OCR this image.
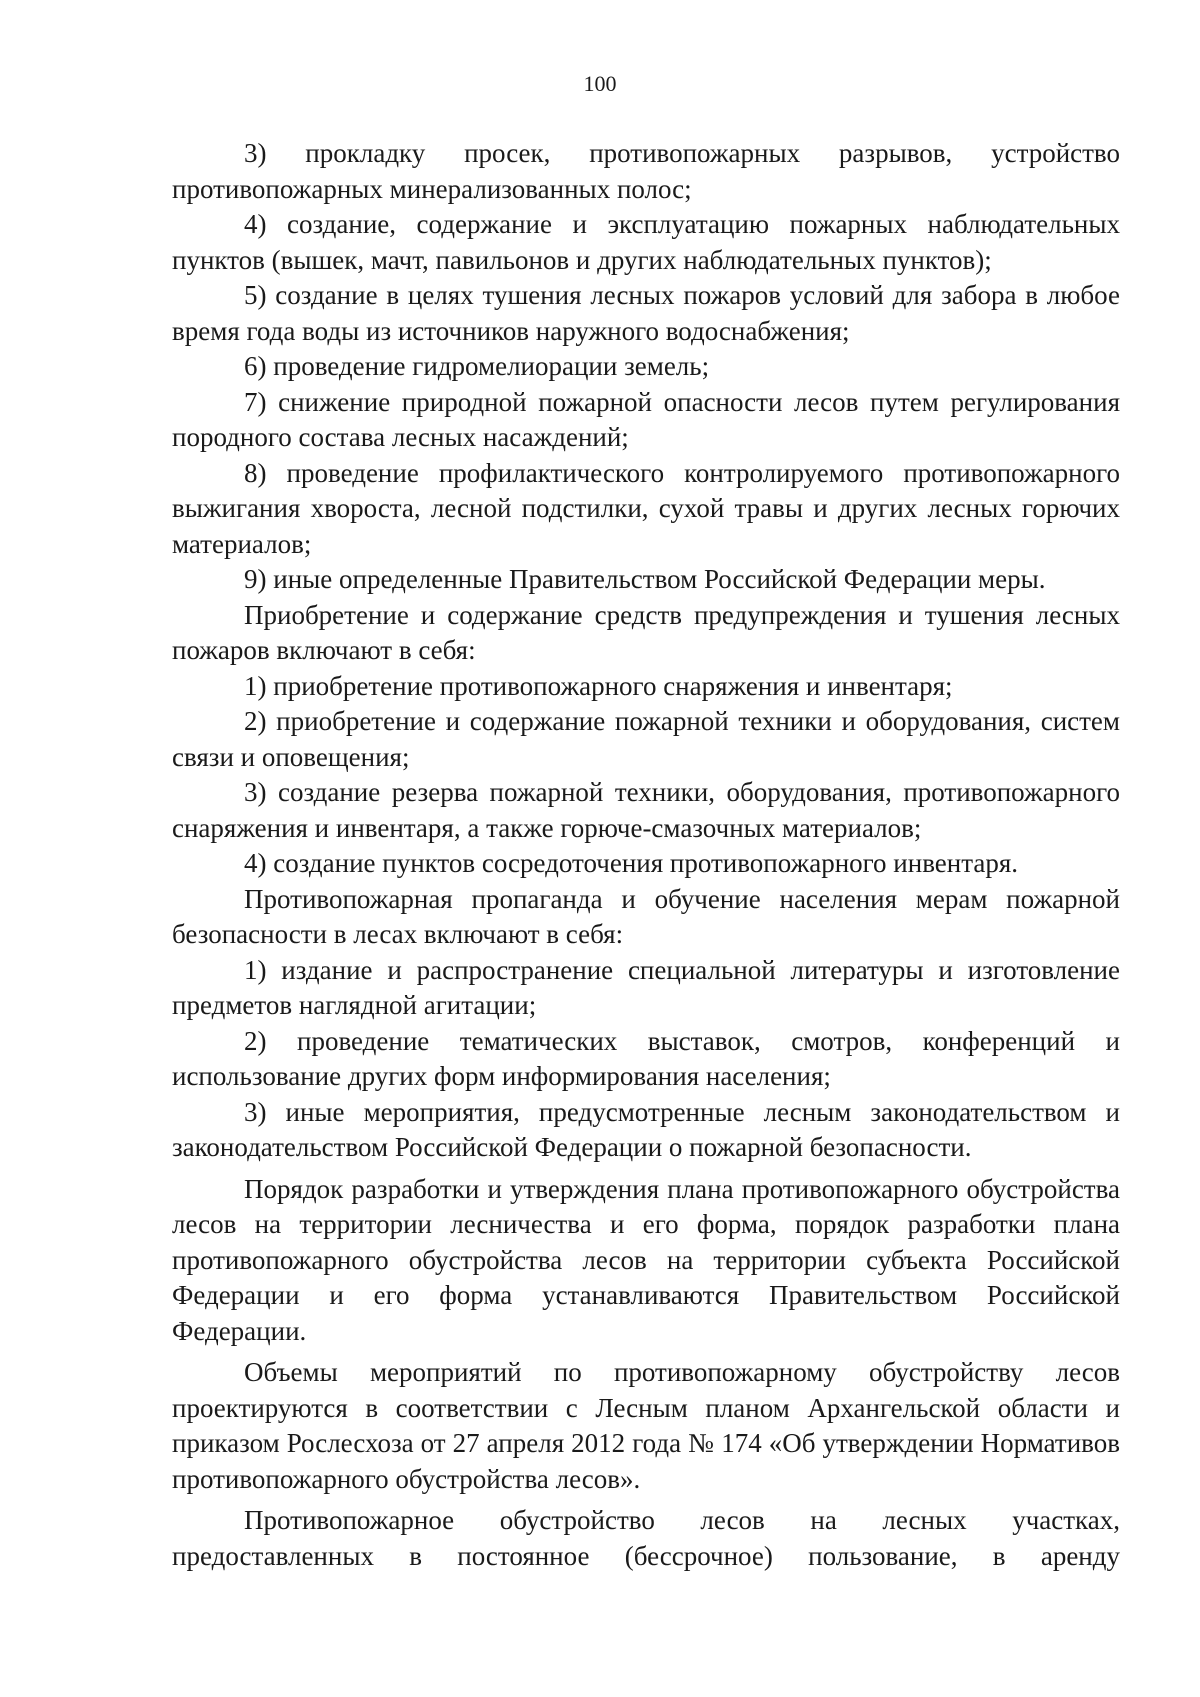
100

3) прокладку просек, противопожарных разрывов, устройство противопожарных минерализованных полос;

4) создание, содержание и эксплуатацию пожарных наблюдательных пунктов (вышек, мачт, павильонов и других наблюдательных пунктов);

5) создание в целях тушения лесных пожаров условий для забора в любое время года воды из источников наружного водоснабжения;

6) проведение гидромелиорации земель;

7) снижение природной пожарной опасности лесов путем регулирования породного состава лесных насаждений;

8) проведение профилактического контролируемого противопожарного выжигания хвороста, лесной подстилки, сухой травы и других лесных горючих материалов;

9) иные определенные Правительством Российской Федерации меры.

Приобретение и содержание средств предупреждения и тушения лесных пожаров включают в себя:

1) приобретение противопожарного снаряжения и инвентаря;

2) приобретение и содержание пожарной техники и оборудования, систем связи и оповещения;

3) создание резерва пожарной техники, оборудования, противопожарного снаряжения и инвентаря, а также горюче-смазочных материалов;

4) создание пунктов сосредоточения противопожарного инвентаря.

Противопожарная пропаганда и обучение населения мерам пожарной безопасности в лесах включают в себя:

1) издание и распространение специальной литературы и изготовление предметов наглядной агитации;

2) проведение тематических выставок, смотров, конференций и использование других форм информирования населения;

3) иные мероприятия, предусмотренные лесным законодательством и законодательством Российской Федерации о пожарной безопасности.

Порядок разработки и утверждения плана противопожарного обустройства лесов на территории лесничества и его форма, порядок разработки плана противопожарного обустройства лесов на территории субъекта Российской Федерации и его форма устанавливаются Правительством Российской Федерации.

Объемы мероприятий по противопожарному обустройству лесов проектируются в соответствии с Лесным планом Архангельской области и приказом Рослесхоза от 27 апреля 2012 года № 174 «Об утверждении Нормативов противопожарного обустройства лесов».

Противопожарное обустройство лесов на лесных участках, предоставленных в постоянное (бессрочное) пользование, в аренду
